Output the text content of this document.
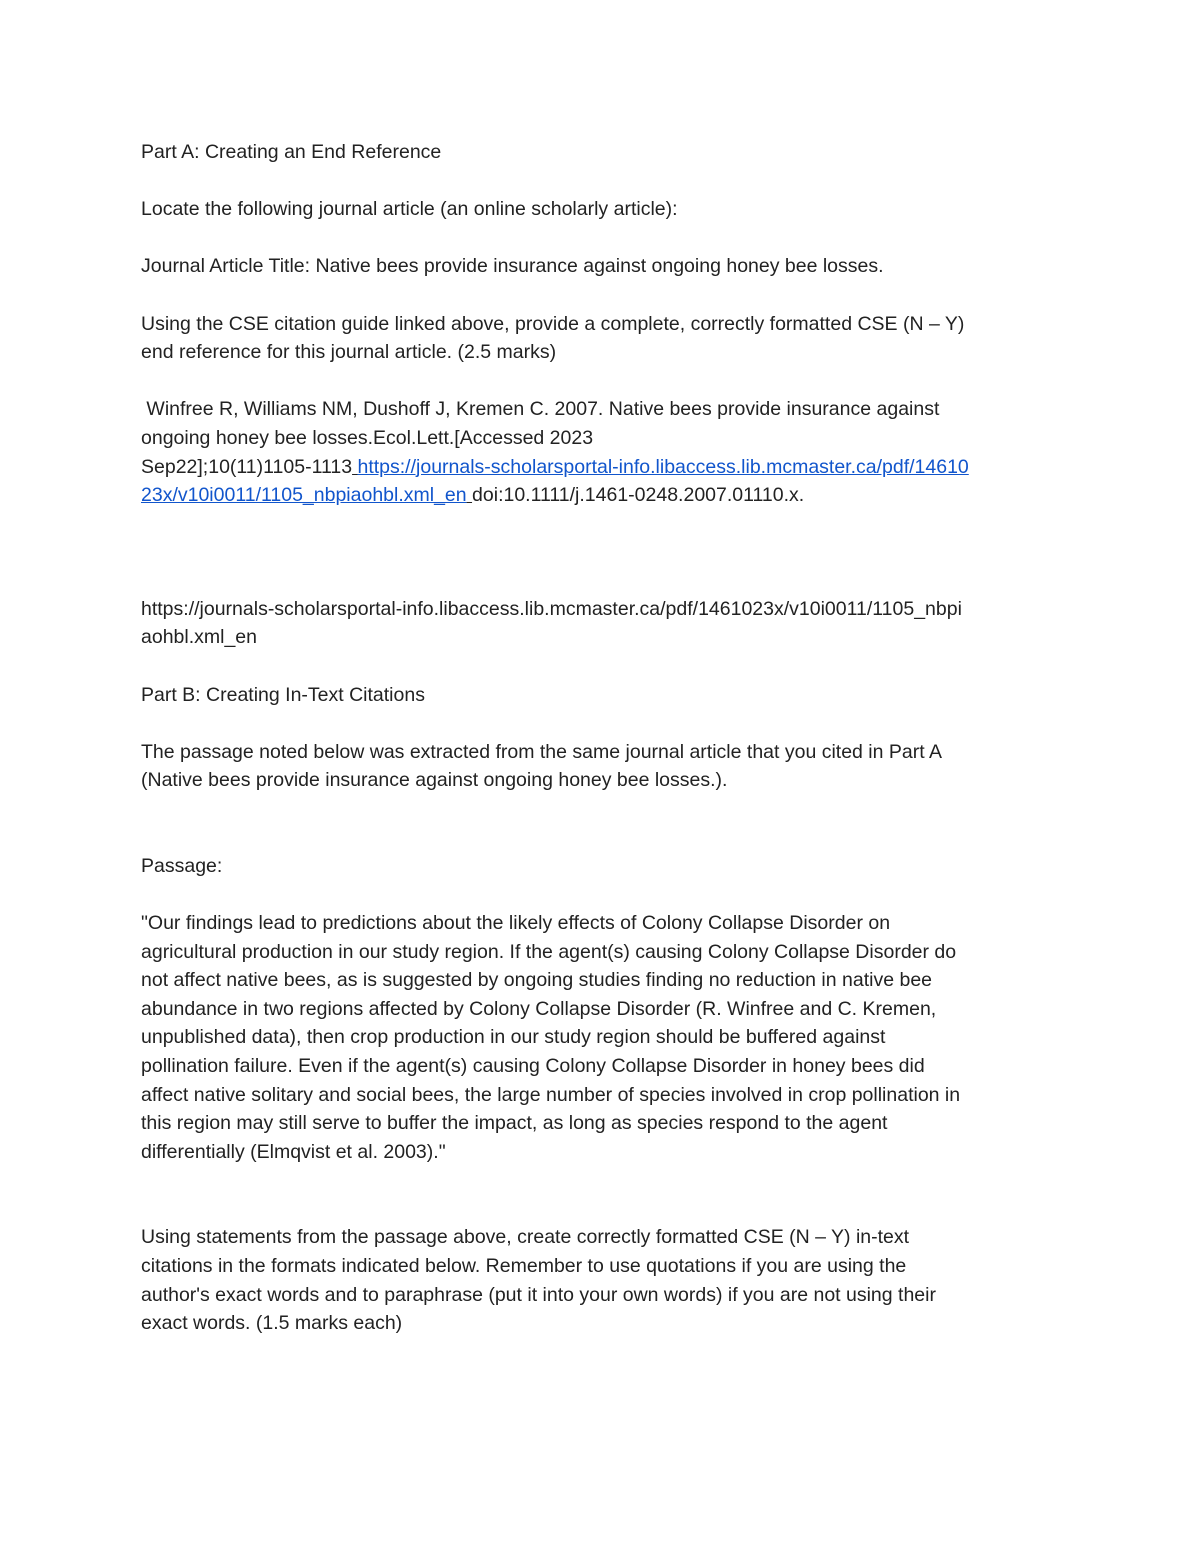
Part A: Creating an End Reference

Locate the following journal article (an online scholarly article):

Journal Article Title: Native bees provide insurance against ongoing honey bee losses.

Using the CSE citation guide linked above, provide a complete, correctly formatted CSE (N – Y)

end reference for this journal article. (2.5 marks)

Winfree R, Williams NM, Dushoff J, Kremen C. 2007. Native bees provide insurance against

ongoing honey bee losses.Ecol.Lett.[Accessed 2023

Sep22];10(11)1105-1113 https://journals-scholarsportal-info.libaccess.lib.mcmaster.ca/pdf/14610

23x/v10i0011/1105_nbpiaohbl.xml_en doi:10.1111/j.1461-0248.2007.01110.x.

https://journals-scholarsportal-info.libaccess.lib.mcmaster.ca/pdf/1461023x/v10i0011/1105_nbpi

aohbl.xml_en

Part B: Creating In-Text Citations

The passage noted below was extracted from the same journal article that you cited in Part A

(Native bees provide insurance against ongoing honey bee losses.).

Passage:

"Our findings lead to predictions about the likely effects of Colony Collapse Disorder on

agricultural production in our study region. If the agent(s) causing Colony Collapse Disorder do

not affect native bees, as is suggested by ongoing studies finding no reduction in native bee

abundance in two regions affected by Colony Collapse Disorder (R. Winfree and C. Kremen,

unpublished data), then crop production in our study region should be buffered against

pollination failure. Even if the agent(s) causing Colony Collapse Disorder in honey bees did

affect native solitary and social bees, the large number of species involved in crop pollination in

this region may still serve to buffer the impact, as long as species respond to the agent

differentially (Elmqvist et al. 2003)."

Using statements from the passage above, create correctly formatted CSE (N – Y) in-text

citations in the formats indicated below. Remember to use quotations if you are using the

author's exact words and to paraphrase (put it into your own words) if you are not using their

exact words. (1.5 marks each)
